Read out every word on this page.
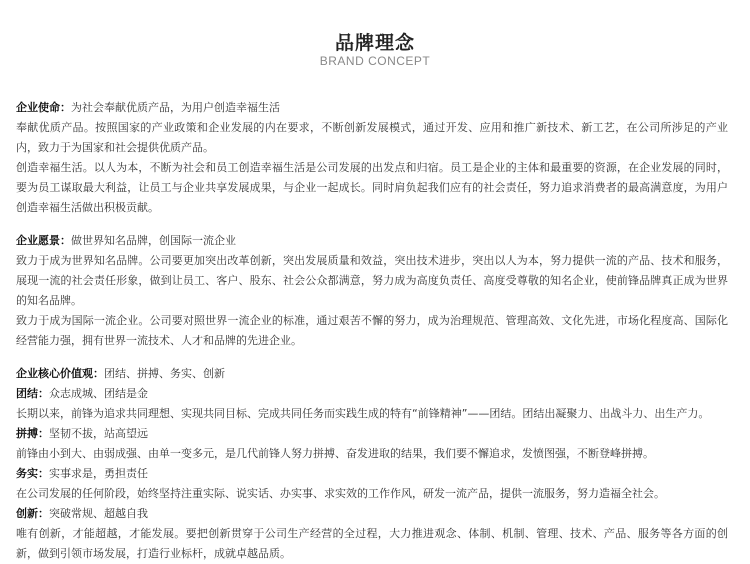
品牌理念
BRAND CONCEPT

企业使命：为社会奉献优质产品，为用户创造幸福生活

奉献优质产品。按照国家的产业政策和企业发展的内在要求，不断创新发展模式，通过开发、应用和推广新技术、新工艺，在公司所涉足的产业内，致力于为国家和社会提供优质产品。

创造幸福生活。以人为本，不断为社会和员工创造幸福生活是公司发展的出发点和归宿。员工是企业的主体和最重要的资源，在企业发展的同时，要为员工谋取最大利益，让员工与企业共享发展成果，与企业一起成长。同时肩负起我们应有的社会责任，努力追求消费者的最高满意度，为用户创造幸福生活做出积极贡献。

企业愿景：做世界知名品牌，创国际一流企业

致力于成为世界知名品牌。公司要更加突出改革创新，突出发展质量和效益，突出技术进步，突出以人为本，努力提供一流的产品、技术和服务，展现一流的社会责任形象，做到让员工、客户、股东、社会公众都满意，努力成为高度负责任、高度受尊敬的知名企业，使前锋品牌真正成为世界的知名品牌。

致力于成为国际一流企业。公司要对照世界一流企业的标准，通过艰苦不懈的努力，成为治理规范、管理高效、文化先进，市场化程度高、国际化经营能力强，拥有世界一流技术、人才和品牌的先进企业。

企业核心价值观：团结、拼搏、务实、创新

团结：众志成城、团结是金

长期以来，前锋为追求共同理想、实现共同目标、完成共同任务而实践生成的特有“前锋精神”——团结。团结出凝聚力、出战斗力、出生产力。

拼搏：坚韧不拔，站高望远

前锋由小到大、由弱成强、由单一变多元，是几代前锋人努力拼搏、奋发进取的结果，我们要不懈追求，发愤图强，不断登峰拼搏。

务实：实事求是，勇担责任

在公司发展的任何阶段，始终坚持注重实际、说实话、办实事、求实效的工作作风，研发一流产品，提供一流服务，努力造福全社会。

创新：突破常规、超越自我

唯有创新，才能超越，才能发展。要把创新贯穿于公司生产经营的全过程，大力推进观念、体制、机制、管理、技术、产品、服务等各方面的创新，做到引领市场发展，打造行业标杆，成就卓越品质。
